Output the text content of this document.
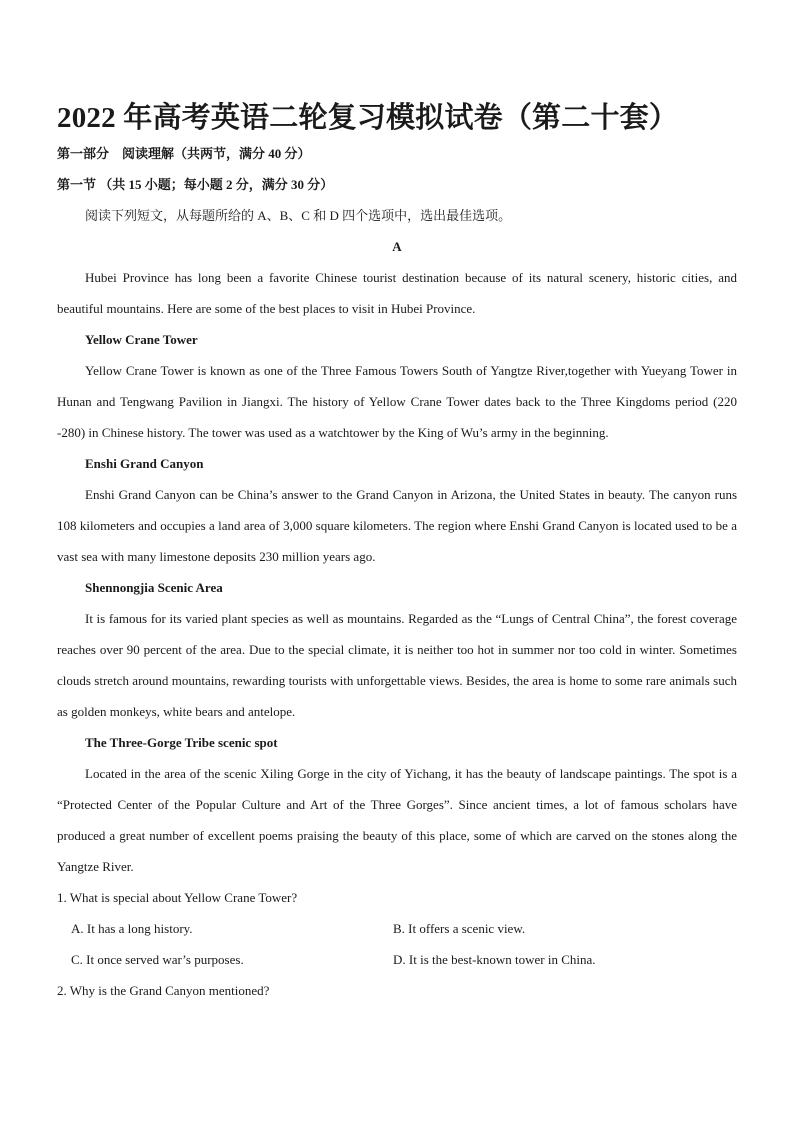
2022 年高考英语二轮复习模拟试卷（第二十套）

第一部分　阅读理解（共两节，满分 40 分）

第一节 （共 15 小题；每小题 2 分，满分 30 分）

阅读下列短文，从每题所给的 A、B、C 和 D 四个选项中，选出最佳选项。

A

Hubei Province has long been a favorite Chinese tourist destination because of its natural scenery, historic cities, and beautiful mountains. Here are some of the best places to visit in Hubei Province.

Yellow Crane Tower

Yellow Crane Tower is known as one of the Three Famous Towers South of Yangtze River,together with Yueyang Tower in Hunan and Tengwang Pavilion in Jiangxi. The history of Yellow Crane Tower dates back to the Three Kingdoms period (220 -280) in Chinese history. The tower was used as a watchtower by the King of Wu’s army in the beginning.

Enshi Grand Canyon

Enshi Grand Canyon can be China’s answer to the Grand Canyon in Arizona, the United States in beauty. The canyon runs 108 kilometers and occupies a land area of 3,000 square kilometers. The region where Enshi Grand Canyon is located used to be a vast sea with many limestone deposits 230 million years ago.

Shennongjia Scenic Area

It is famous for its varied plant species as well as mountains. Regarded as the “Lungs of Central China”, the forest coverage reaches over 90 percent of the area. Due to the special climate, it is neither too hot in summer nor too cold in winter. Sometimes clouds stretch around mountains, rewarding tourists with unforgettable views. Besides, the area is home to some rare animals such as golden monkeys, white bears and antelope.

The Three-Gorge Tribe scenic spot

Located in the area of the scenic Xiling Gorge in the city of Yichang, it has the beauty of landscape paintings. The spot is a “Protected Center of the Popular Culture and Art of the Three Gorges”. Since ancient times, a lot of famous scholars have produced a great number of excellent poems praising the beauty of this place, some of which are carved on the stones along the Yangtze River.

1. What is special about Yellow Crane Tower?

A. It has a long history.	B. It offers a scenic view.
C. It once served war’s purposes.	D. It is the best-known tower in China.

2. Why is the Grand Canyon mentioned?
